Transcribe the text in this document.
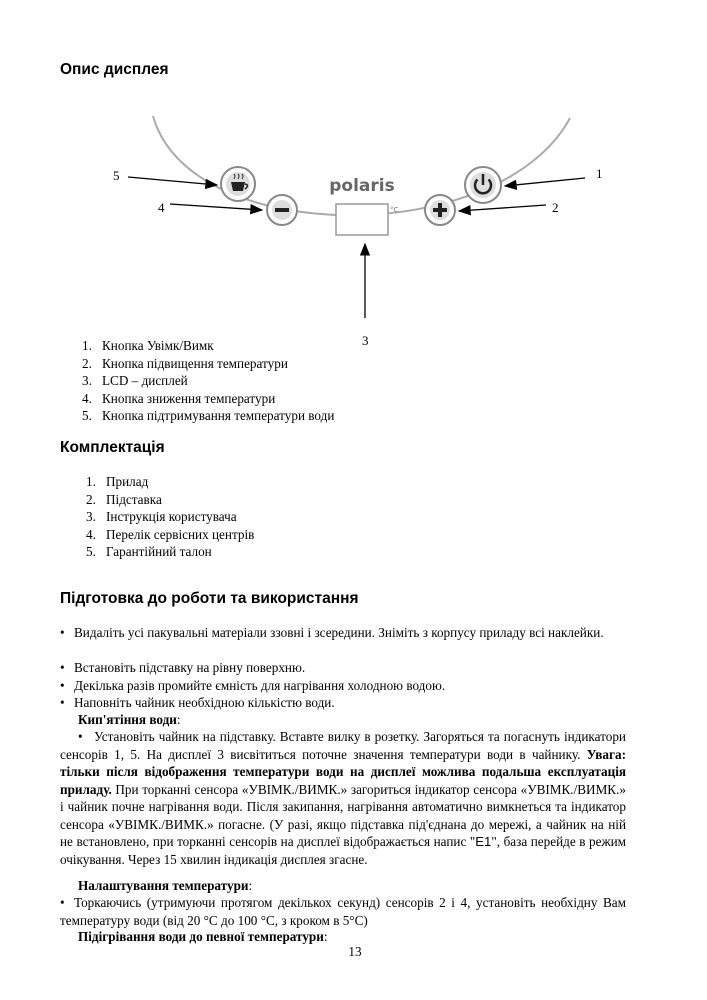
Опис дисплея
polaris
°C
1
2
3
4
5
1. Кнопка Увімк/Вимк
2. Кнопка підвищення температури
3. LCD – дисплей
4. Кнопка зниження температури
5. Кнопка підтримування температури води
Комплектація
1. Прилад
2. Підставка
3. Інструкція користувача
4. Перелік сервісних центрів
5. Гарантійний талон
Підготовка до роботи та використання
• Видаліть усі пакувальні матеріали ззовні і зсередини. Зніміть з корпусу приладу всі наклейки.
• Встановіть підставку на рівну поверхню.
• Декілька разів промийте ємність для нагрівання холодною водою.
• Наповніть чайник необхідною кількістю води.
Кип'ятіння води:
• Установіть чайник на підставку. Вставте вилку в розетку. Загоряться та погаснуть індикатори сенсорів 1, 5. На дисплеї 3 висвітиться поточне значення температури води в чайнику. Увага: тільки після відображення температури води на дисплеї можлива подальша експлуатація приладу. При торканні сенсора «УВІМК./ВИМК.» загориться індикатор сенсора «УВІМК./ВИМК.» і чайник почне нагрівання води. Після закипання, нагрівання автоматично вимкнеться та індикатор сенсора «УВІМК./ВИМК.» погасне. (У разі, якщо підставка під'єднана до мережі, а чайник на ній не встановлено, при торканні сенсорів на дисплеї відображається напис "E1", база перейде в режим очікування. Через 15 хвилин індикація дисплея згасне.
Налаштування температури:
• Торкаючись (утримуючи протягом декількох секунд) сенсорів 2 і 4, установіть необхідну Вам температуру води (від 20 °С до 100 °С, з кроком в 5°С)
Підігрівання води до певної температури:
13
